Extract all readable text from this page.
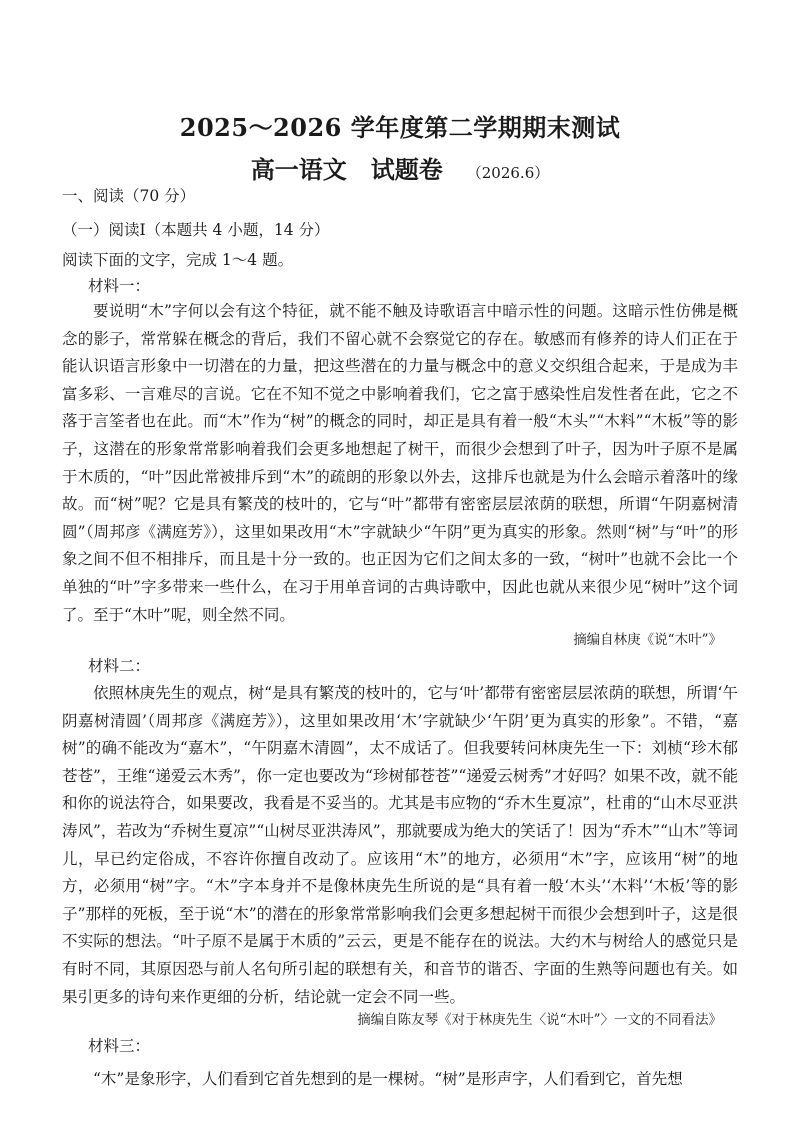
2025～2026 学年度第二学期期末测试
高一语文　试题卷 （2026.6）
一、阅读（70 分）
（一）阅读Ⅰ（本题共 4 小题，14 分）
阅读下面的文字，完成 1～4 题。
材料一：
要说明“木”字何以会有这个特征，就不能不触及诗歌语言中暗示性的问题。这暗示性仿佛是概念的影子，常常躲在概念的背后，我们不留心就不会察觉它的存在。敏感而有修养的诗人们正在于能认识语言形象中一切潜在的力量，把这些潜在的力量与概念中的意义交织组合起来，于是成为丰富多彩、一言难尽的言说。它在不知不觉之中影响着我们，它之富于感染性启发性者在此，它之不落于言筌者也在此。而“木”作为“树”的概念的同时，却正是具有着一般“木头”“木料”“木板”等的影子，这潜在的形象常常影响着我们会更多地想起了树干，而很少会想到了叶子，因为叶子原不是属于木质的，“叶”因此常被排斥到“木”的疏朗的形象以外去，这排斥也就是为什么会暗示着落叶的缘故。而“树”呢？它是具有繁茂的枝叶的，它与“叶”都带有密密层层浓荫的联想，所谓“午阴嘉树清圆”（周邦彦《满庭芳》），这里如果改用“木”字就缺少“午阴”更为真实的形象。然则“树”与“叶”的形象之间不但不相排斥，而且是十分一致的。也正因为它们之间太多的一致，“树叶”也就不会比一个单独的“叶”字多带来一些什么，在习于用单音词的古典诗歌中，因此也就从来很少见“树叶”这个词了。至于“木叶”呢，则全然不同。
摘编自林庚《说“木叶”》
材料二：
依照林庚先生的观点，树“是具有繁茂的枝叶的，它与‘叶’都带有密密层层浓荫的联想，所谓‘午阴嘉树清圆’（周邦彦《满庭芳》），这里如果改用‘木’字就缺少‘午阴’更为真实的形象”。不错，“嘉树”的确不能改为“嘉木”，“午阴嘉木清圆”，太不成话了。但我要转问林庚先生一下：刘桢“珍木郁苍苍”，王维“递爱云木秀”，你一定也要改为“珍树郁苍苍”“递爱云树秀”才好吗？如果不改，就不能和你的说法符合，如果要改，我看是不妥当的。尤其是韦应物的“乔木生夏凉”，杜甫的“山木尽亚洪涛风”，若改为“乔树生夏凉”“山树尽亚洪涛风”，那就要成为绝大的笑话了！因为“乔木”“山木”等词儿，早已约定俗成，不容许你擅自改动了。应该用“木”的地方，必须用“木”字，应该用“树”的地方，必须用“树”字。“木”字本身并不是像林庚先生所说的是“具有着一般‘木头’‘木料’‘木板’等的影子”那样的死板，至于说“木”的潜在的形象常常影响我们会更多想起树干而很少会想到叶子，这是很不实际的想法。“叶子原不是属于木质的”云云，更是不能存在的说法。大约木与树给人的感觉只是有时不同，其原因恐与前人名句所引起的联想有关，和音节的谐否、字面的生熟等问题也有关。如果引更多的诗句来作更细的分析，结论就一定会不同一些。
摘编自陈友琴《对于林庚先生〈说“木叶”〉一文的不同看法》
材料三：
“木”是象形字，人们看到它首先想到的是一棵树。“树”是形声字，人们看到它，首先想
